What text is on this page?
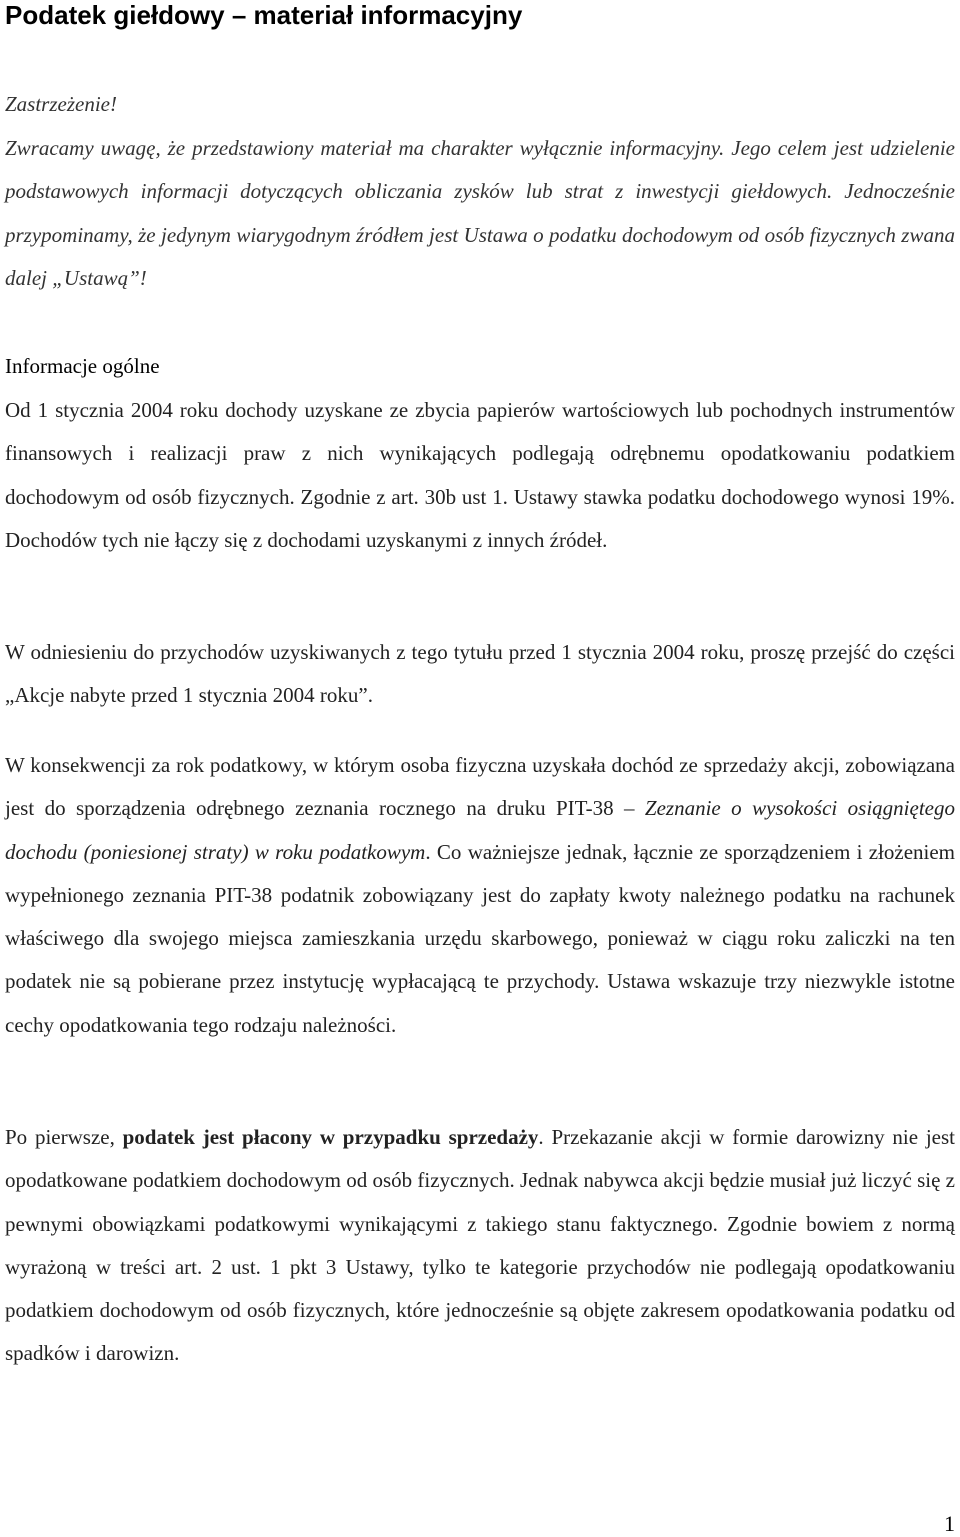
Podatek giełdowy – materiał informacyjny
Zastrzeżenie!
Zwracamy uwagę, że przedstawiony materiał ma charakter wyłącznie informacyjny. Jego celem jest udzielenie podstawowych informacji dotyczących obliczania zysków lub strat z inwestycji giełdowych. Jednocześnie przypominamy, że jedynym wiarygodnym źródłem jest Ustawa o podatku dochodowym od osób fizycznych zwana dalej „Ustawą”!
Informacje ogólne

Od 1 stycznia 2004 roku dochody uzyskane ze zbycia papierów wartościowych lub pochodnych instrumentów finansowych i realizacji praw z nich wynikających podlegają odrębnemu opodatkowaniu podatkiem dochodowym od osób fizycznych. Zgodnie z art. 30b ust 1. Ustawy stawka podatku dochodowego wynosi 19%. Dochodów tych nie łączy się z dochodami uzyskanymi z innych źródeł.

W odniesieniu do przychodów uzyskiwanych z tego tytułu przed 1 stycznia 2004 roku, proszę przejść do części „Akcje nabyte przed 1 stycznia 2004 roku”.

W konsekwencji za rok podatkowy, w którym osoba fizyczna uzyskała dochód ze sprzedaży akcji, zobowiązana jest do sporządzenia odrębnego zeznania rocznego na druku PIT-38 – Zeznanie o wysokości osiągniętego dochodu (poniesionej straty) w roku podatkowym. Co ważniejsze jednak, łącznie ze sporządzeniem i złożeniem wypełnionego zeznania PIT-38 podatnik zobowiązany jest do zapłaty kwoty należnego podatku na rachunek właściwego dla swojego miejsca zamieszkania urzędu skarbowego, ponieważ w ciągu roku zaliczki na ten podatek nie są pobierane przez instytucję wypłacającą te przychody. Ustawa wskazuje trzy niezwykle istotne cechy opodatkowania tego rodzaju należności.

Po pierwsze, podatek jest płacony w przypadku sprzedaży. Przekazanie akcji w formie darowizny nie jest opodatkowane podatkiem dochodowym od osób fizycznych. Jednak nabywca akcji będzie musiał już liczyć się z pewnymi obowiązkami podatkowymi wynikającymi z takiego stanu faktycznego. Zgodnie bowiem z normą wyrażoną w treści art. 2 ust. 1 pkt 3 Ustawy, tylko te kategorie przychodów nie podlegają opodatkowaniu podatkiem dochodowym od osób fizycznych, które jednocześnie są objęte zakresem opodatkowania podatku od spadków i darowizn.

1
